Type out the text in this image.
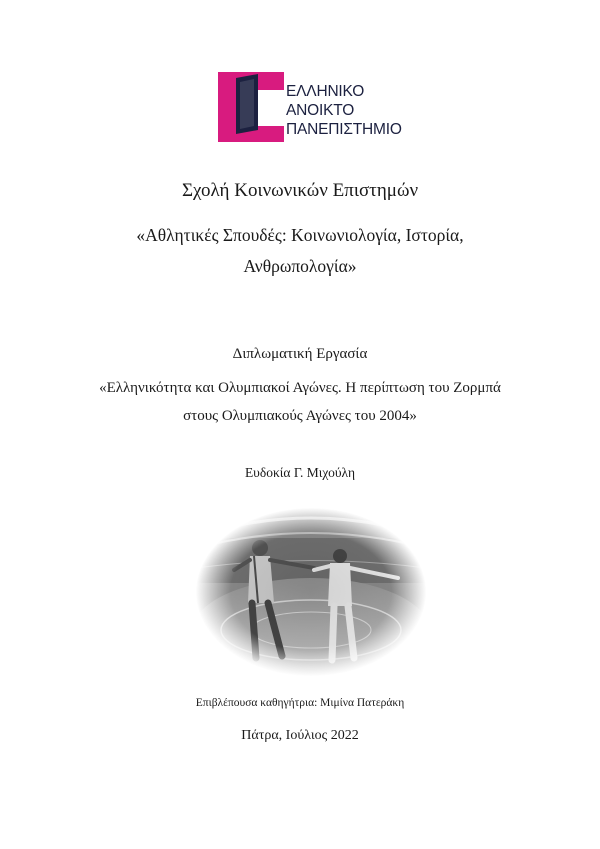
ΕΛΛΗΝΙΚΟ
ΑΝΟΙΚΤΟ
ΠΑΝΕΠΙΣΤΗΜΙΟ
Σχολή Κοινωνικών Επιστημών
«Αθλητικές Σπουδές: Κοινωνιολογία, Ιστορία,
Ανθρωπολογία»
Διπλωματική Εργασία
«Ελληνικότητα και Ολυμπιακοί Αγώνες. Η περίπτωση του Ζορμπά
στους Ολυμπιακούς Αγώνες του 2004»
Ευδοκία Γ. Μιχούλη
Επιβλέπουσα καθηγήτρια: Μιμίνα Πατεράκη
Πάτρα, Ιούλιος 2022
